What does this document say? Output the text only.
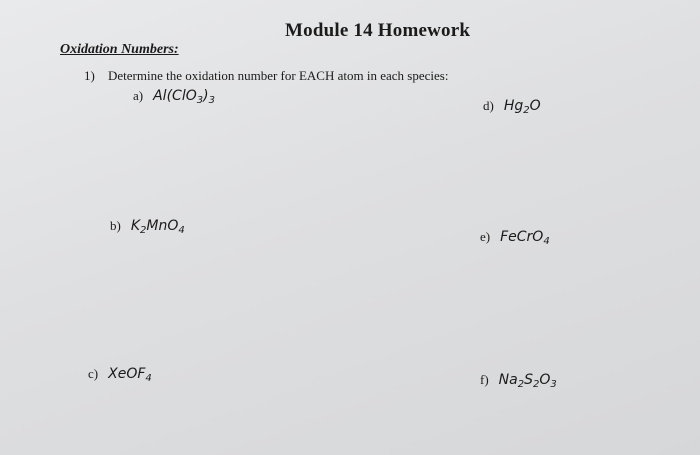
Module 14 Homework
Oxidation Numbers:
1) Determine the oxidation number for EACH atom in each species:
a) $Al(ClO_3)_3$
b) $K_2MnO_4$
c) XeOF$_4$
d) $Hg_2O$
e) FeCrO$_4$
f) $Na_2S_2O_3$
